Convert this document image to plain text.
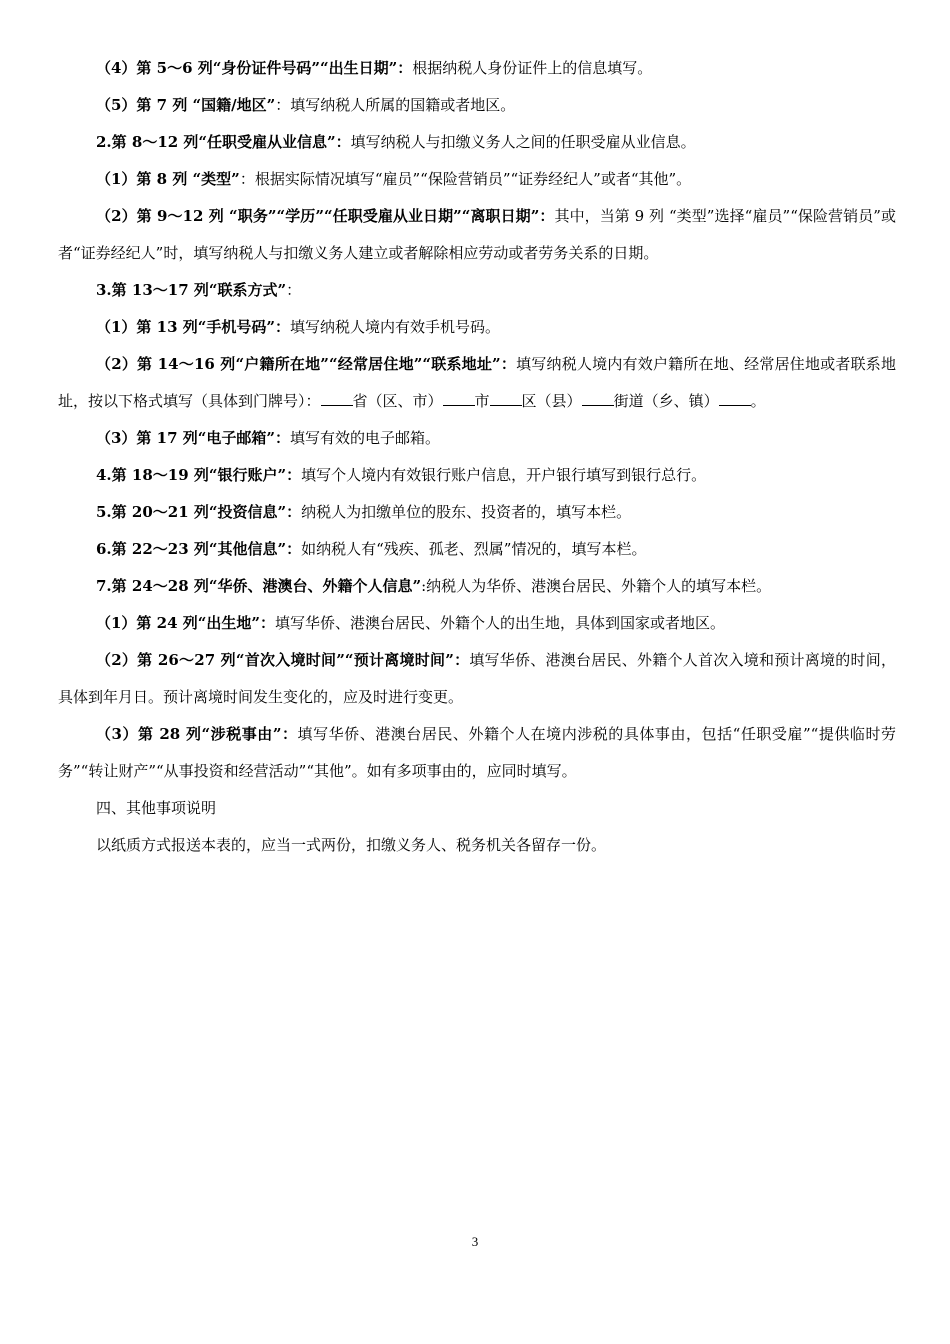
（4）第 5～6 列“身份证件号码”“出生日期”：根据纳税人身份证件上的信息填写。

（5）第 7 列 “国籍/地区”：填写纳税人所属的国籍或者地区。

2.第 8～12 列“任职受雇从业信息”：填写纳税人与扣缴义务人之间的任职受雇从业信息。

（1）第 8 列 “类型”：根据实际情况填写“雇员”“保险营销员”“证券经纪人”或者“其他”。

（2）第 9～12 列 “职务”“学历”“任职受雇从业日期”“离职日期”：其中，当第 9 列 “类型”选择“雇员”“保险营销员”或者“证券经纪人”时，填写纳税人与扣缴义务人建立或者解除相应劳动或者劳务关系的日期。

3.第 13～17 列“联系方式”：

（1）第 13 列“手机号码”：填写纳税人境内有效手机号码。

（2）第 14～16 列“户籍所在地”“经常居住地”“联系地址”：填写纳税人境内有效户籍所在地、经常居住地或者联系地址，按以下格式填写（具体到门牌号）： 省（区、市） 市 区（县） 街道（乡、镇） 。

（3）第 17 列“电子邮箱”：填写有效的电子邮箱。

4.第 18～19 列“银行账户”：填写个人境内有效银行账户信息，开户银行填写到银行总行。

5.第 20～21 列“投资信息”：纳税人为扣缴单位的股东、投资者的，填写本栏。

6.第 22～23 列“其他信息”：如纳税人有“残疾、孤老、烈属”情况的，填写本栏。

7.第 24～28 列“华侨、港澳台、外籍个人信息”:纳税人为华侨、港澳台居民、外籍个人的填写本栏。

（1）第 24 列“出生地”：填写华侨、港澳台居民、外籍个人的出生地，具体到国家或者地区。

（2）第 26～27 列“首次入境时间”“预计离境时间”：填写华侨、港澳台居民、外籍个人首次入境和预计离境的时间，具体到年月日。预计离境时间发生变化的，应及时进行变更。

（3）第 28 列“涉税事由”：填写华侨、港澳台居民、外籍个人在境内涉税的具体事由，包括“任职受雇”“提供临时劳务”“转让财产”“从事投资和经营活动”“其他”。如有多项事由的，应同时填写。

四、其他事项说明

以纸质方式报送本表的，应当一式两份，扣缴义务人、税务机关各留存一份。

3
